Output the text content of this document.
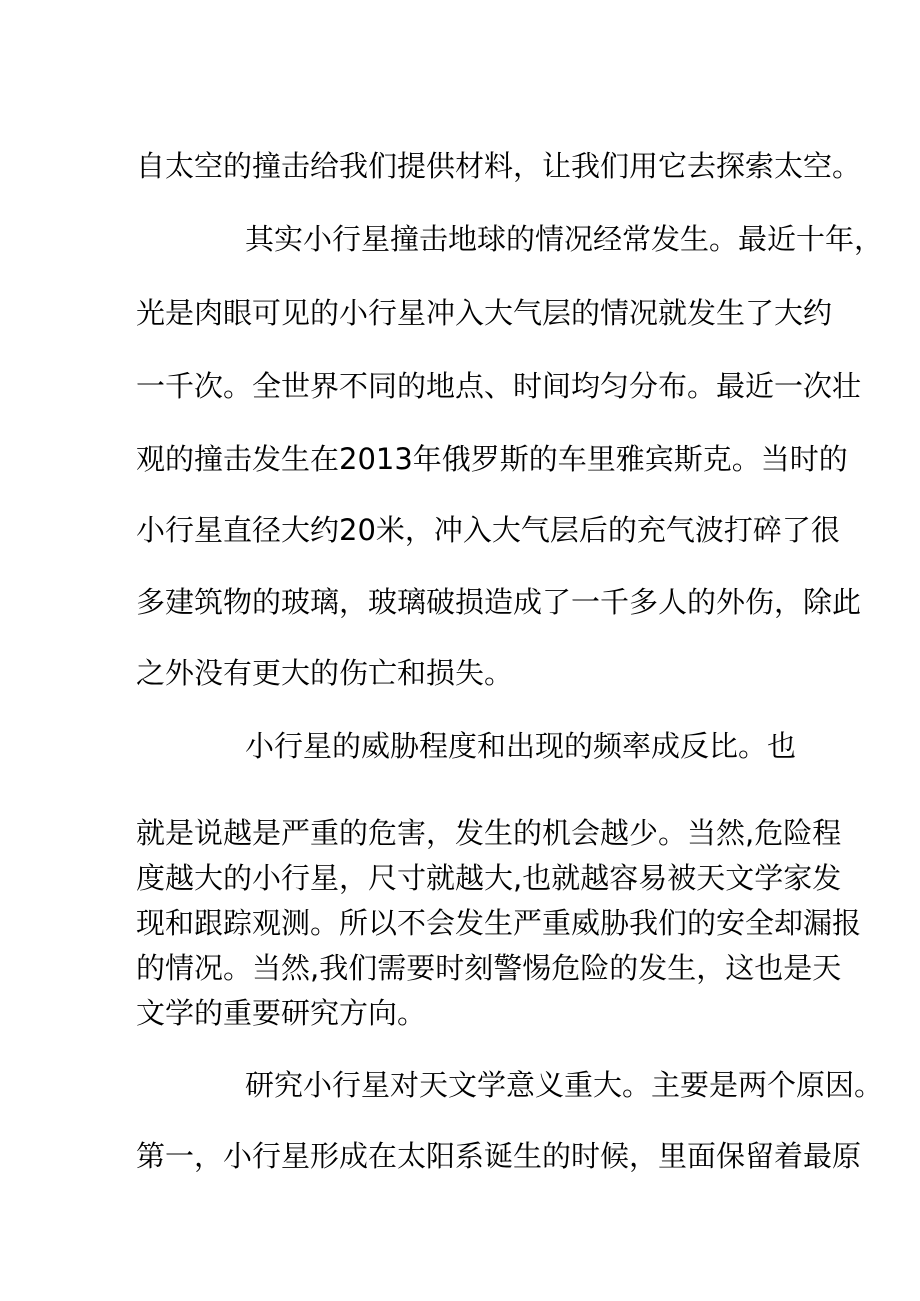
自太空的撞击给我们提供材料，让我们用它去探索太空。
其实小行星撞击地球的情况经常发生。最近十年，
光是肉眼可见的小行星冲入大气层的情况就发生了大约
一千次。全世界不同的地点、时间均匀分布。最近一次壮
观的撞击发生在2013年俄罗斯的车里雅宾斯克。当时的
小行星直径大约20米，冲入大气层后的充气波打碎了很
多建筑物的玻璃，玻璃破损造成了一千多人的外伤，除此
之外没有更大的伤亡和损失。
小行星的威胁程度和出现的频率成反比。也
就是说越是严重的危害，发生的机会越少。当然,危险程
度越大的小行星，尺寸就越大,也就越容易被天文学家发
现和跟踪观测。所以不会发生严重威胁我们的安全却漏报
的情况。当然,我们需要时刻警惕危险的发生，这也是天
文学的重要研究方向。
研究小行星对天文学意义重大。主要是两个原因。
第一，小行星形成在太阳系诞生的时候，里面保留着最原
